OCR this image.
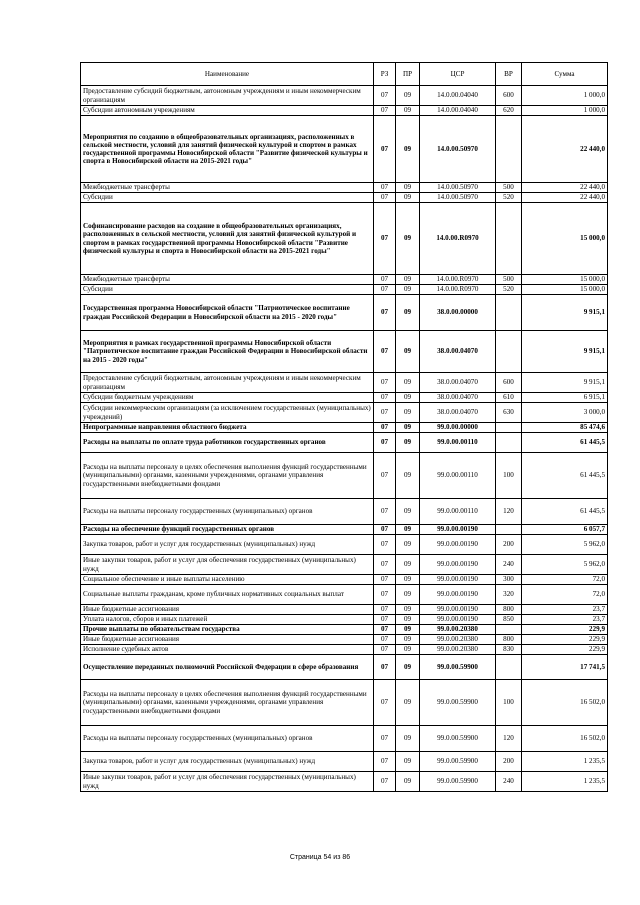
Наименование	РЗ	ПР	ЦСР	ВР	Сумма
Предоставление субсидий бюджетным, автономным учреждениям и иным некоммерческим организациям	07	09	14.0.00.04040	600	1 000,0
Субсидии автономным учреждениям	07	09	14.0.00.04040	620	1 000,0
Мероприятия по созданию в общеобразовательных организациях, расположенных в сельской местности, условий для занятий физической культурой и спортом в рамках государственной программы Новосибирской области "Развитие физической культуры и спорта в Новосибирской области на 2015-2021 годы"	07	09	14.0.00.50970		22 440,0
Межбюджетные трансферты	07	09	14.0.00.50970	500	22 440,0
Субсидии	07	09	14.0.00.50970	520	22 440,0
Софинансирование расходов на создание в общеобразовательных организациях, расположенных в сельской местности, условий для занятий физической культурой и спортом в рамках государственной программы Новосибирской области "Развитие физической культуры и спорта в Новосибирской области на 2015-2021 годы"	07	09	14.0.00.R0970		15 000,0
Межбюджетные трансферты	07	09	14.0.00.R0970	500	15 000,0
Субсидии	07	09	14.0.00.R0970	520	15 000,0
Государственная программа Новосибирской области "Патриотическое воспитание граждан Российской Федерации в Новосибирской области на 2015 - 2020 годы"	07	09	38.0.00.00000		9 915,1
Мероприятия в рамках государственной программы Новосибирской области "Патриотическое воспитание граждан Российской Федерации в Новосибирской области на 2015 - 2020 годы"	07	09	38.0.00.04070		9 915,1
Предоставление субсидий бюджетным, автономным учреждениям и иным некоммерческим организациям	07	09	38.0.00.04070	600	9 915,1
Субсидии бюджетным учреждениям	07	09	38.0.00.04070	610	6 915,1
Субсидии некоммерческим организациям (за исключением государственных (муниципальных) учреждений)	07	09	38.0.00.04070	630	3 000,0
Непрограммные направления областного бюджета	07	09	99.0.00.00000		85 474,6
Расходы на выплаты по оплате труда работников государственных органов	07	09	99.0.00.00110		61 445,5
Расходы на выплаты персоналу в целях обеспечения выполнения функций государственными (муниципальными) органами, казенными учреждениями, органами управления государственными внебюджетными фондами	07	09	99.0.00.00110	100	61 445,5
Расходы на выплаты персоналу государственных (муниципальных) органов	07	09	99.0.00.00110	120	61 445,5
Расходы на обеспечение функций государственных органов	07	09	99.0.00.00190		6 057,7
Закупка товаров, работ и услуг для государственных (муниципальных) нужд	07	09	99.0.00.00190	200	5 962,0
Иные закупки товаров, работ и услуг для обеспечения государственных (муниципальных) нужд	07	09	99.0.00.00190	240	5 962,0
Социальное обеспечение и иные выплаты населению	07	09	99.0.00.00190	300	72,0
Социальные выплаты гражданам, кроме публичных нормативных социальных выплат	07	09	99.0.00.00190	320	72,0
Иные бюджетные ассигнования	07	09	99.0.00.00190	800	23,7
Уплата налогов, сборов и иных платежей	07	09	99.0.00.00190	850	23,7
Прочие выплаты по обязательствам государства	07	09	99.0.00.20380		229,9
Иные бюджетные ассигнования	07	09	99.0.00.20380	800	229,9
Исполнение судебных актов	07	09	99.0.00.20380	830	229,9
Осуществление переданных полномочий Российской Федерации в сфере образования	07	09	99.0.00.59900		17 741,5
Расходы на выплаты персоналу в целях обеспечения выполнения функций государственными (муниципальными) органами, казенными учреждениями, органами управления государственными внебюджетными фондами	07	09	99.0.00.59900	100	16 502,0
Расходы на выплаты персоналу государственных (муниципальных) органов	07	09	99.0.00.59900	120	16 502,0
Закупка товаров, работ и услуг для государственных (муниципальных) нужд	07	09	99.0.00.59900	200	1 235,5
Иные закупки товаров, работ и услуг для обеспечения государственных (муниципальных) нужд	07	09	99.0.00.59900	240	1 235,5
Страница 54 из 86
